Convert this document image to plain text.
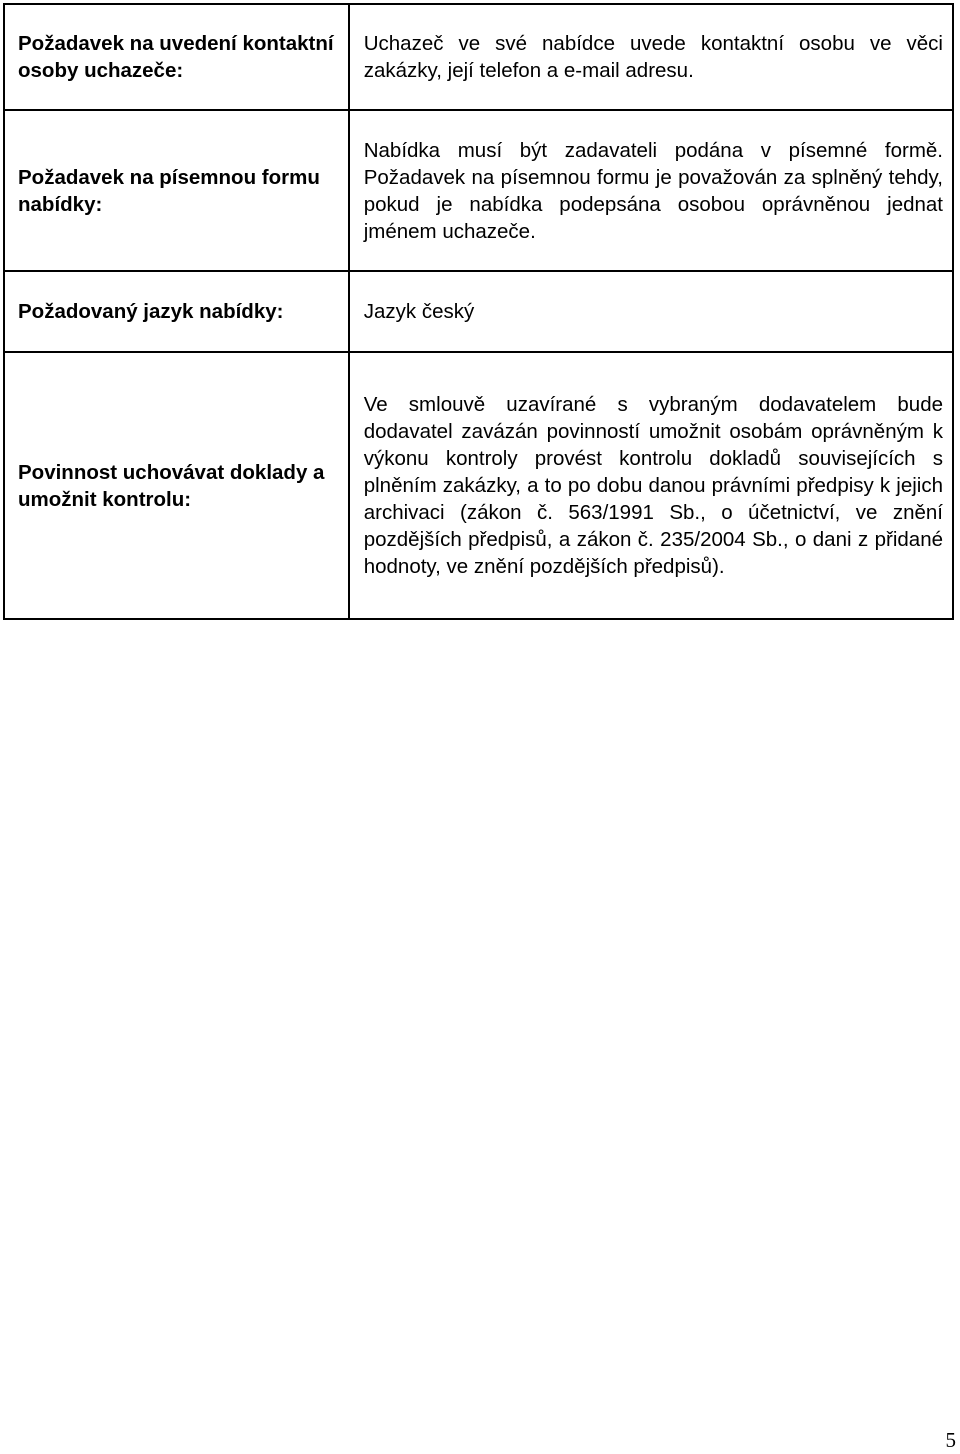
Požadavek na uvedení kontaktní osoby uchazeče:	Uchazeč ve své nabídce uvede kontaktní osobu ve věci zakázky, její telefon a e-mail adresu.

Požadavek na písemnou formu nabídky:	Nabídka musí být zadavateli podána v písemné formě. Požadavek na písemnou formu je považován za splněný tehdy, pokud je nabídka podepsána osobou oprávněnou jednat jménem uchazeče.

Požadovaný jazyk nabídky:	Jazyk český

Povinnost uchovávat doklady a umožnit kontrolu:	Ve smlouvě uzavírané s vybraným dodavatelem bude dodavatel zavázán povinností umožnit osobám oprávněným k výkonu kontroly provést kontrolu dokladů souvisejících s plněním zakázky, a to po dobu danou právními předpisy k jejich archivaci (zákon č. 563/1991 Sb., o účetnictví, ve znění pozdějších předpisů, a zákon č. 235/2004 Sb., o dani z přidané hodnoty, ve znění pozdějších předpisů).
5
